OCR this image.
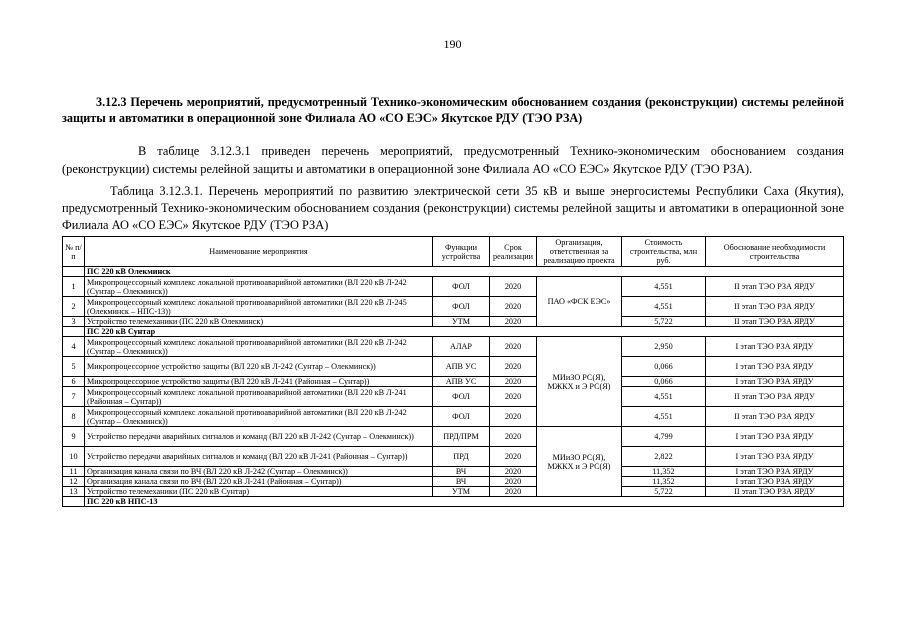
190
3.12.3 Перечень мероприятий, предусмотренный Технико-экономическим обоснованием создания (реконструкции) системы релейной защиты и автоматики в операционной зоне Филиала АО «СО ЕЭС» Якутское РДУ (ТЭО РЗА)
В таблице 3.12.3.1 приведен перечень мероприятий, предусмотренный Технико-экономическим обоснованием создания (реконструкции) системы релейной защиты и автоматики в операционной зоне Филиала АО «СО ЕЭС» Якутское РДУ (ТЭО РЗА).
Таблица 3.12.3.1. Перечень мероприятий по развитию электрической сети 35 кВ и выше энергосистемы Республики Саха (Якутия), предусмотренный Технико-экономическим обоснованием создания (реконструкции) системы релейной защиты и автоматики в операционной зоне Филиала АО «СО ЕЭС» Якутское РДУ (ТЭО РЗА)
№ п/п	Наименование мероприятия	Функции устройства	Срок реализации	Организация, ответственная за реализацию проекта	Стоимость строительства, млн руб.	Обоснование необходимости строительства
	ПС 220 кВ Олекминск					
1	Микропроцессорный комплекс локальной противоаварийной автоматики (ВЛ 220 кВ Л-242 (Сунтар – Олекминск))	ФОЛ	2020	ПАО «ФСК ЕЭС»	4,551	II этап ТЭО РЗА ЯРДУ
2	Микропроцессорный комплекс локальной противоаварийной автоматики (ВЛ 220 кВ Л-245 (Олекминск – НПС-13))	ФОЛ	2020		4,551	II этап ТЭО РЗА ЯРДУ
3	Устройство телемеханики (ПС 220 кВ Олекминск)	УТМ	2020		5,722	II этап ТЭО РЗА ЯРДУ
	ПС 220 кВ Сунтар					
4	Микропроцессорный комплекс локальной противоаварийной автоматики (ВЛ 220 кВ Л-242 (Сунтар – Олекминск))	АЛАР	2020	МИиЗО РС(Я), МЖКХ и Э РС(Я)	2,950	I этап ТЭО РЗА ЯРДУ
5	Микропроцессорное устройство защиты (ВЛ 220 кВ Л-242 (Сунтар – Олекминск))	АПВ УС	2020		0,066	I этап ТЭО РЗА ЯРДУ
6	Микропроцессорное устройство защиты (ВЛ 220 кВ Л-241 (Районная – Сунтар))	АПВ УС	2020		0,066	I этап ТЭО РЗА ЯРДУ
7	Микропроцессорный комплекс локальной противоаварийной автоматики (ВЛ 220 кВ Л-241 (Районная – Сунтар))	ФОЛ	2020		4,551	II этап ТЭО РЗА ЯРДУ
8	Микропроцессорный комплекс локальной противоаварийной автоматики (ВЛ 220 кВ Л-242 (Сунтар – Олекминск))	ФОЛ	2020		4,551	II этап ТЭО РЗА ЯРДУ
9	Устройство передачи аварийных сигналов и команд (ВЛ 220 кВ Л-242 (Сунтар – Олекминск))	ПРД/ПРМ	2020	МИиЗО РС(Я), МЖКХ и Э РС(Я)	4,799	I этап ТЭО РЗА ЯРДУ
10	Устройство передачи аварийных сигналов и команд (ВЛ 220 кВ Л-241 (Районная – Сунтар))	ПРД	2020		2,822	I этап ТЭО РЗА ЯРДУ
11	Организация канала связи по ВЧ (ВЛ 220 кВ Л-242 (Сунтар – Олекминск))	ВЧ	2020		11,352	I этап ТЭО РЗА ЯРДУ
12	Организация канала связи по ВЧ (ВЛ 220 кВ Л-241 (Районная – Сунтар))	ВЧ	2020		11,352	I этап ТЭО РЗА ЯРДУ
13	Устройство телемеханики (ПС 220 кВ Сунтар)	УТМ	2020		5,722	II этап ТЭО РЗА ЯРДУ
	ПС 220 кВ НПС-13					
